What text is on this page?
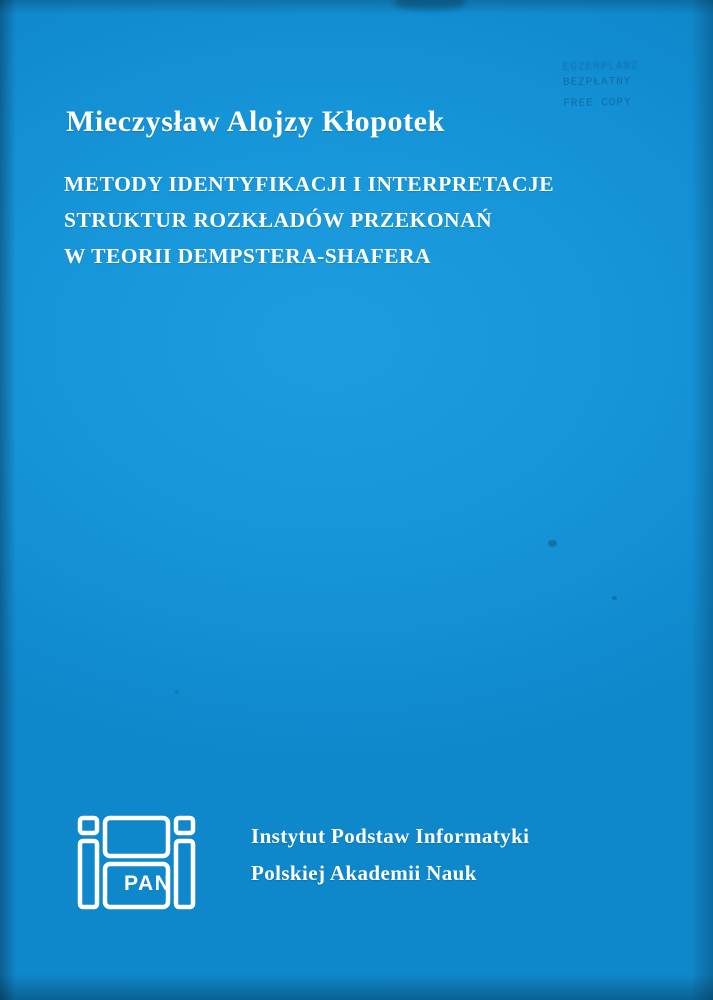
Mieczysław Alojzy Kłopotek
METODY IDENTYFIKACJI I INTERPRETACJE
STRUKTUR ROZKŁADÓW PRZEKONAŃ
W TEORII DEMPSTERA-SHAFERA
EGZEMPLARZ
BEZPŁATNY
FREE COPY
PAN
Instytut Podstaw Informatyki
Polskiej Akademii Nauk
